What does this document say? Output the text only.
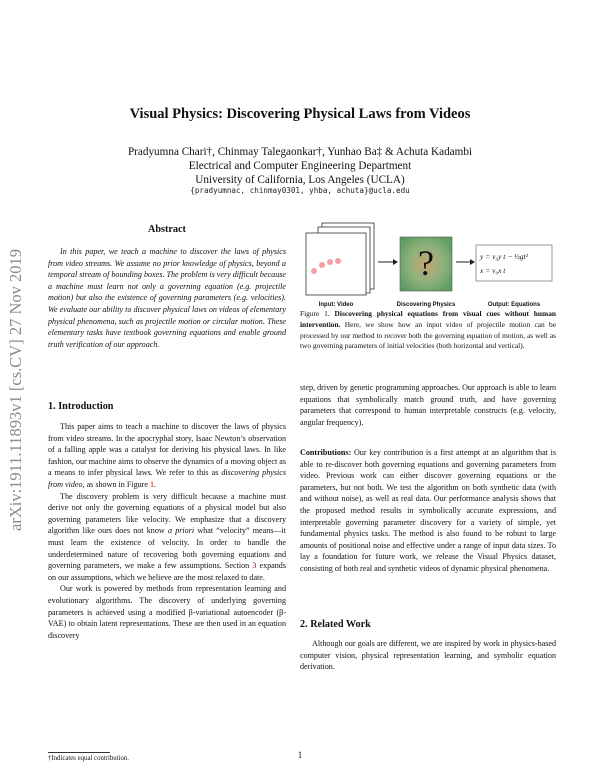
arXiv:1911.11893v1 [cs.CV] 27 Nov 2019
Visual Physics: Discovering Physical Laws from Videos
Pradyumna Chari†, Chinmay Talegaonkar†, Yunhao Ba‡ & Achuta Kadambi
Electrical and Computer Engineering Department
University of California, Los Angeles (UCLA)
{pradyumnac, chinmay0301, yhba, achuta}@ucla.edu
Abstract

In this paper, we teach a machine to discover the laws of physics from video streams. We assume no prior knowledge of physics, beyond a temporal stream of bounding boxes. The problem is very difficult because a machine must learn not only a governing equation (e.g. projectile motion) but also the existence of governing parameters (e.g. velocities). We evaluate our ability to discover physical laws on videos of elementary physical phenomena, such as projectile motion or circular motion. These elementary tasks have textbook governing equations and enable ground truth verification of our approach.

1. Introduction

This paper aims to teach a machine to discover the laws of physics from video streams. In the apocryphal story, Isaac Newton’s observation of a falling apple was a catalyst for deriving his physical laws. In like fashion, our machine aims to observe the dynamics of a moving object as a means to infer physical laws. We refer to this as discovering physics from video, as shown in Figure 1.

The discovery problem is very difficult because a machine must derive not only the governing equations of a physical model but also governing parameters like velocity. We emphasize that a discovery algorithm like ours does not know a priori what “velocity” means—it must learn the existence of velocity. In order to handle the underdetermined nature of recovering both governing equations and governing parameters, we make a few assumptions. Section 3 expands on our assumptions, which we believe are the most relaxed to date.

Our work is powered by methods from representation learning and evolutionary algorithms. The discovery of underlying governing parameters is achieved using a modified β-variational autoencoder (β-VAE) to obtain latent representations. These are then used in an equation discovery

†Indicates equal contribution.	1
?	y = v₀y t − ½gt²
x = v₀x t
Input: Video	Discovering Physics	Output: Equations

Figure 1. Discovering physical equations from visual cues without human intervention. Here, we show how an input video of projectile motion can be processed by our method to recover both the governing equation of motion, as well as two governing parameters of initial velocities (both horizontal and vertical).

step, driven by genetic programming approaches. Our approach is able to learn equations that symbolically match ground truth, and have governing parameters that correspond to human interpretable constructs (e.g. velocity, angular frequency).

Contributions: Our key contribution is a first attempt at an algorithm that is able to re-discover both governing equations and governing parameters from video. Previous work can either discover governing equations or the parameters, but not both. We test the algorithm on both synthetic data (with and without noise), as well as real data. Our performance analysis shows that the proposed method results in symbolically accurate expressions, and interpretable governing parameter discovery for a variety of simple, yet fundamental physics tasks. The method is also found to be robust to large amounts of positional noise and effective under a range of input data sizes. To lay a foundation for future work, we release the Visual Physics dataset, consisting of both real and synthetic videos of dynamic physical phenomena.

2. Related Work

Although our goals are different, we are inspired by work in physics-based computer vision, physical representation learning, and symbolic equation derivation.
